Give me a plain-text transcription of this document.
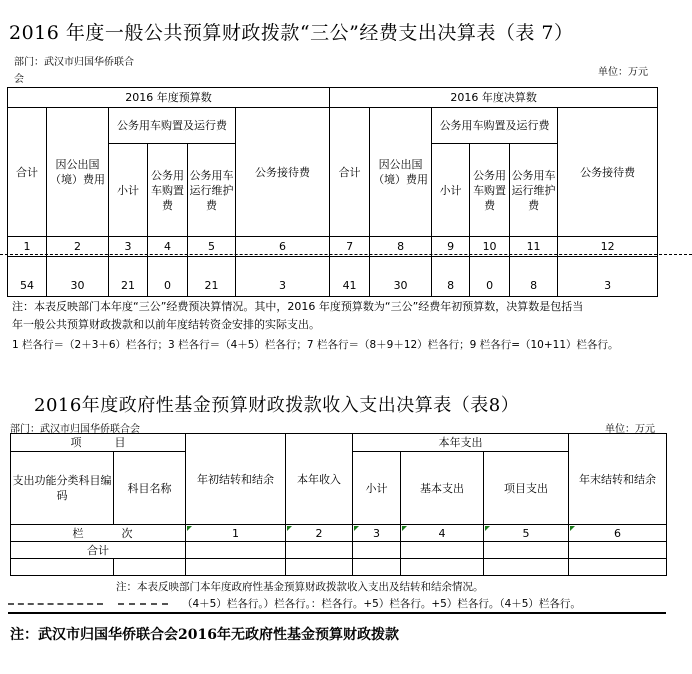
2016 年度一般公共预算财政拨款“三公”经费支出决算表（表 7）
部门：武汉市归国华侨联合
会
单位：万元
2016 年度预算数						2016 年度决算数					
合计	因公出国（境）费用	公务用车购置及运行费			公务接待费	合计	因公出国（境）费用	公务用车购置及运行费			公务接待费
		小计	公务用车购置费	公务用车运行维护费				小计	公务用车购置费	公务用车运行维护费	
1	2	3	4	5	6	7	8	9	10	11	12
54	30	21	0	21	3	41	30	8	0	8	3
注：本表反映部门本年度“三公”经费预决算情况。其中，2016 年度预算数为“三公”经费年初预算数，决算数是包括当
年一般公共预算财政拨款和以前年度结转资金安排的实际支出。
1 栏各行＝（2＋3＋6）栏各行；3 栏各行＝（4＋5）栏各行；7 栏各行＝（8＋9＋12）栏各行；9 栏各行=（10+11）栏各行。
2016年度政府性基金预算财政拨款收入支出决算表（表8）
部门：武汉市归国华侨联合会	单位：万元
项　　　目		年初结转和结余	本年收入	本年支出			年末结转和结余
支出功能分类科目编码	科目名称			小计	基本支出	项目支出	
栏	次	1	2	3	4	5	6
合计							

注：本表反映部门本年度政府性基金预算财政拨款收入支出及结转和结余情况。
（4＋5）栏各行。）栏各行。：栏各行。+5）栏各行。+5）栏各行。（4＋5）栏各行。
注：武汉市归国华侨联合会2016年无政府性基金预算财政拨款
